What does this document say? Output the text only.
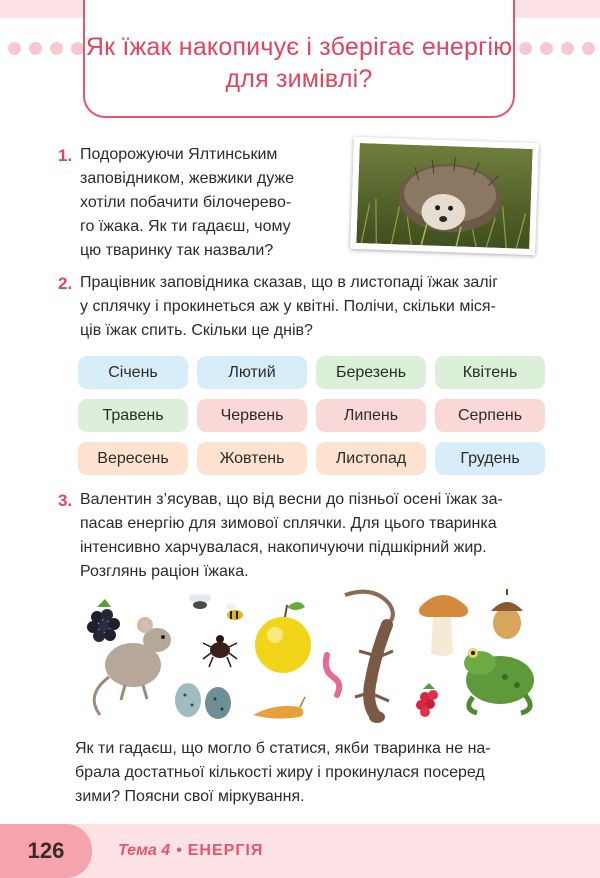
Як їжак накопичує і зберігає енергію для зимівлі?
1. Подорожуючи Ялтинським
заповідником, жевжики дуже
хотіли побачити білочерево-
го їжака. Як ти гадаєш, чому
цю тваринку так назвали?
2. Працівник заповідника сказав, що в листопаді їжак заліг
у сплячку і прокинеться аж у квітні. Полічи, скільки міся-
ців їжак спить. Скільки це днів?
Січень	Лютий	Березень	Квітень
Травень	Червень	Липень	Серпень
Вересень	Жовтень	Листопад	Грудень
3. Валентин з’ясував, що від весни до пізньої осені їжак за-
пасав енергію для зимової сплячки. Для цього тваринка
інтенсивно харчувалася, накопичуючи підшкірний жир.
Розглянь раціон їжака.
Як ти гадаєш, що могло б статися, якби тваринка не на-
брала достатньої кількості жиру і прокинулася посеред
зими? Поясни свої міркування.
126	Тема 4 • ЕНЕРГІЯ
